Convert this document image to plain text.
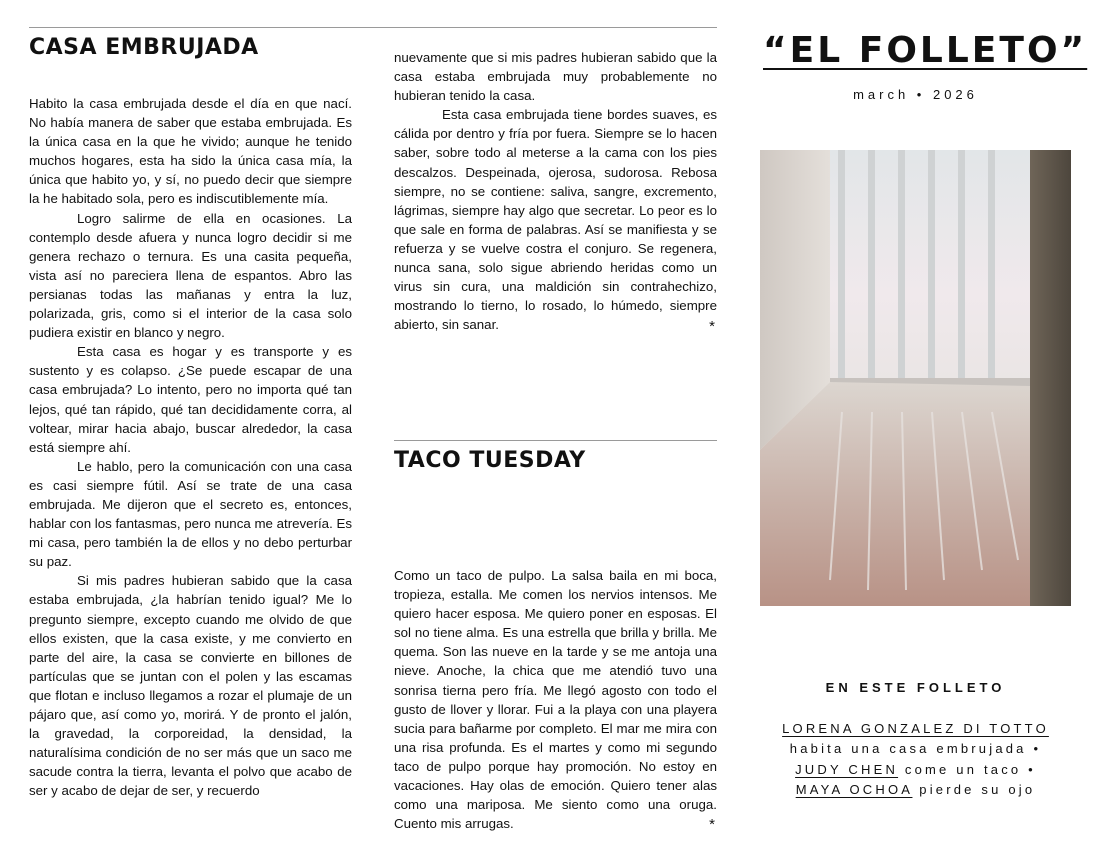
CASA EMBRUJADA

Habito la casa embrujada desde el día en que nací. No había manera de saber que estaba embrujada. Es la única casa en la que he vivido; aunque he tenido muchos hogares, esta ha sido la única casa mía, la única que habito yo, y sí, no puedo decir que siempre la he habitado sola, pero es indiscutiblemente mía.

Logro salirme de ella en ocasiones. La contemplo desde afuera y nunca logro decidir si me genera rechazo o ternura. Es una casita pequeña, vista así no pareciera llena de espantos. Abro las persianas todas las mañanas y entra la luz, polarizada, gris, como si el interior de la casa solo pudiera existir en blanco y negro.

Esta casa es hogar y es transporte y es sustento y es colapso. ¿Se puede escapar de una casa embrujada? Lo intento, pero no importa qué tan lejos, qué tan rápido, qué tan decididamente corra, al voltear, mirar hacia abajo, buscar alrededor, la casa está siempre ahí.

Le hablo, pero la comunicación con una casa es casi siempre fútil. Así se trate de una casa embrujada. Me dijeron que el secreto es, entonces, hablar con los fantasmas, pero nunca me atrevería. Es mi casa, pero también la de ellos y no debo perturbar su paz.

Si mis padres hubieran sabido que la casa estaba embrujada, ¿la habrían tenido igual? Me lo pregunto siempre, excepto cuando me olvido de que ellos existen, que la casa existe, y me convierto en parte del aire, la casa se convierte en billones de partículas que se juntan con el polen y las escamas que flotan e incluso llegamos a rozar el plumaje de un pájaro que, así como yo, morirá. Y de pronto el jalón, la gravedad, la corporeidad, la densidad, la naturalísima condición de no ser más que un saco me sacude contra la tierra, levanta el polvo que acabo de ser y acabo de dejar de ser, y recuerdo

nuevamente que si mis padres hubieran sabido que la casa estaba embrujada muy probablemente no hubieran tenido la casa.

Esta casa embrujada tiene bordes suaves, es cálida por dentro y fría por fuera. Siempre se lo hacen saber, sobre todo al meterse a la cama con los pies descalzos. Despeinada, ojerosa, sudorosa. Rebosa siempre, no se contiene: saliva, sangre, excremento, lágrimas, siempre hay algo que secretar. Lo peor es lo que sale en forma de palabras. Así se manifiesta y se refuerza y se vuelve costra el conjuro. Se regenera, nunca sana, solo sigue abriendo heridas como un virus sin cura, una maldición sin contrahechizo, mostrando lo tierno, lo rosado, lo húmedo, siempre abierto, sin sanar.	*

TACO TUESDAY

Como un taco de pulpo. La salsa baila en mi boca, tropieza, estalla. Me comen los nervios intensos. Me quiero hacer esposa. Me quiero poner en esposas. El sol no tiene alma. Es una estrella que brilla y brilla. Me quema. Son las nueve en la tarde y se me antoja una nieve. Anoche, la chica que me atendió tuvo una sonrisa tierna pero fría. Me llegó agosto con todo el gusto de llover y llorar. Fui a la playa con una playera sucia para bañarme por completo. El mar me mira con una risa profunda. Es el martes y como mi segundo taco de pulpo porque hay promoción. No estoy en vacaciones. Hay olas de emoción. Quiero tener alas como una mariposa. Me siento como una oruga. Cuento mis arrugas.	*

“EL FOLLETO”
march • 2026
EN ESTE FOLLETO
LORENA GONZALEZ DI TOTTO habita una casa embrujada • JUDY CHEN come un taco • MAYA OCHOA pierde su ojo
